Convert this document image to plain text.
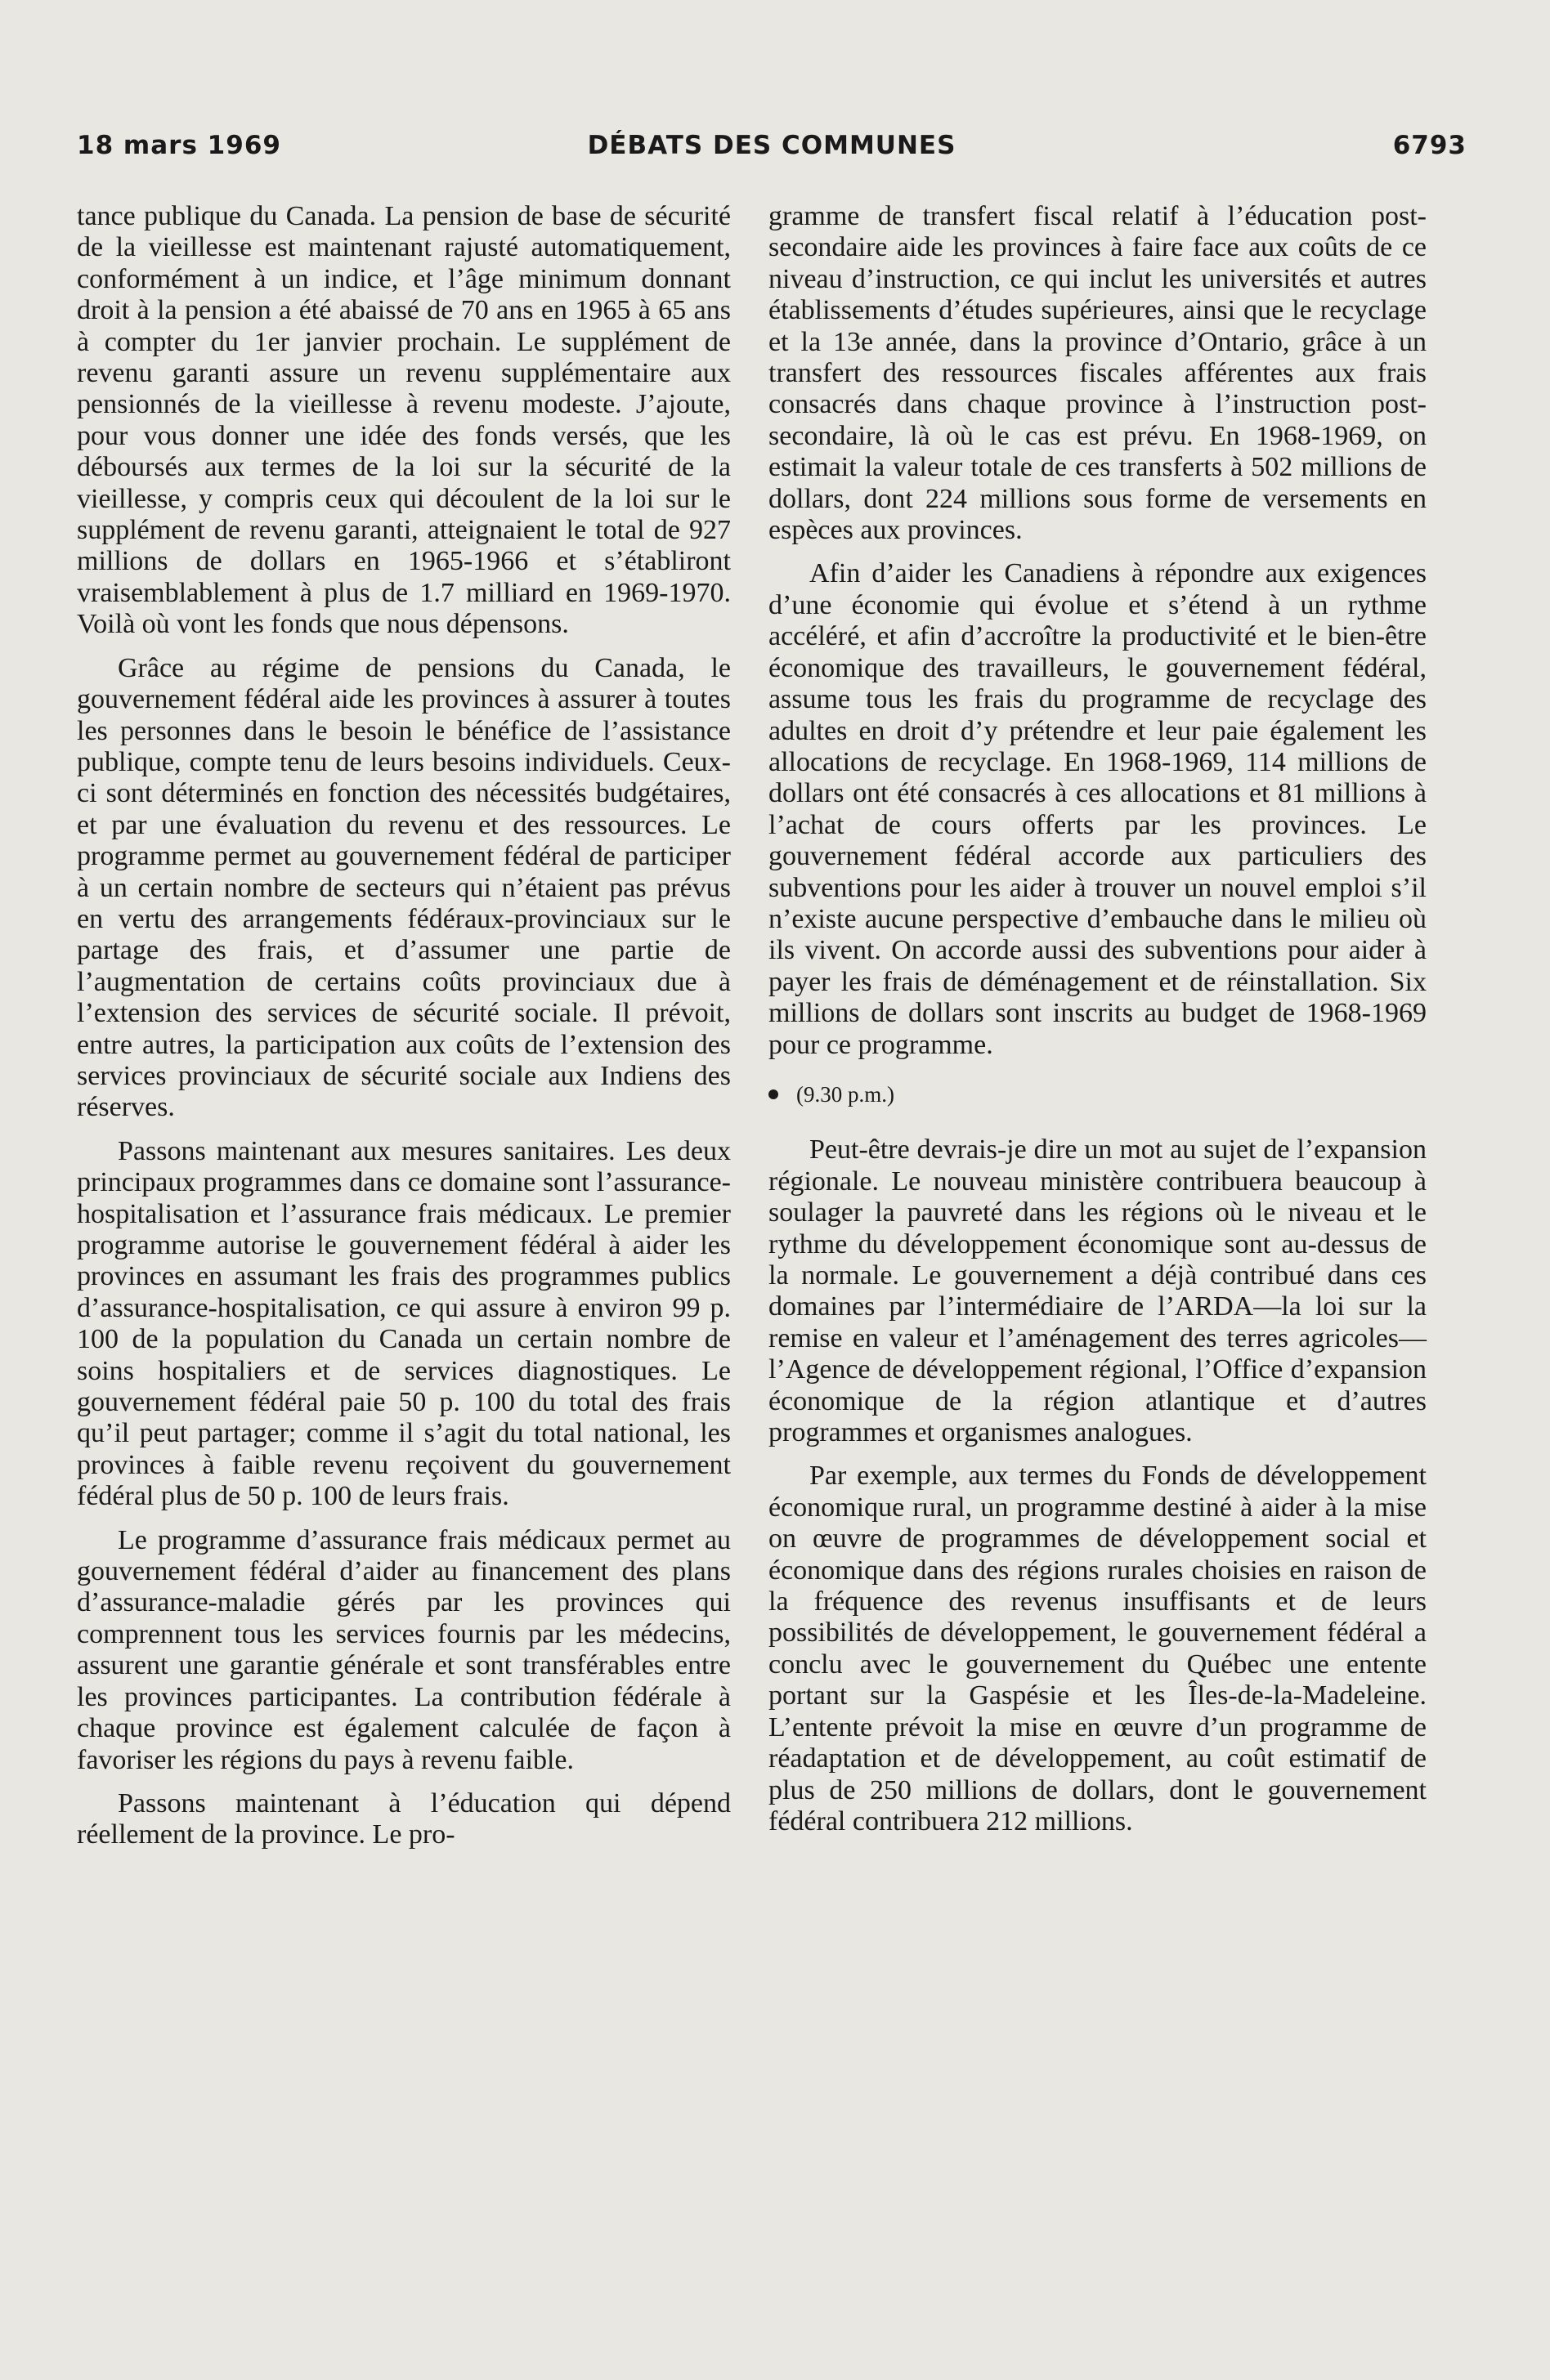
18 mars 1969	DÉBATS DES COMMUNES	6793

tance publique du Canada. La pension de base de sécurité de la vieillesse est maintenant rajusté automatiquement, conformément à un indice, et l’âge minimum donnant droit à la pension a été abaissé de 70 ans en 1965 à 65 ans à compter du 1er janvier prochain. Le supplément de revenu garanti assure un revenu supplémentaire aux pensionnés de la vieillesse à revenu modeste. J’ajoute, pour vous donner une idée des fonds versés, que les déboursés aux termes de la loi sur la sécurité de la vieillesse, y compris ceux qui découlent de la loi sur le supplément de revenu garanti, atteignaient le total de 927 millions de dollars en 1965-1966 et s’établiront vraisemblablement à plus de 1.7 milliard en 1969-1970. Voilà où vont les fonds que nous dépensons.

Grâce au régime de pensions du Canada, le gouvernement fédéral aide les provinces à assurer à toutes les personnes dans le besoin le bénéfice de l’assistance publique, compte tenu de leurs besoins individuels. Ceux-ci sont déterminés en fonction des nécessités budgétaires, et par une évaluation du revenu et des ressources. Le programme permet au gouvernement fédéral de participer à un certain nombre de secteurs qui n’étaient pas prévus en vertu des arrangements fédéraux-provinciaux sur le partage des frais, et d’assumer une partie de l’augmentation de certains coûts provinciaux due à l’extension des services de sécurité sociale. Il prévoit, entre autres, la participation aux coûts de l’extension des services provinciaux de sécurité sociale aux Indiens des réserves.

Passons maintenant aux mesures sanitaires. Les deux principaux programmes dans ce domaine sont l’assurance-hospitalisation et l’assurance frais médicaux. Le premier programme autorise le gouvernement fédéral à aider les provinces en assumant les frais des programmes publics d’assurance-hospitalisation, ce qui assure à environ 99 p. 100 de la population du Canada un certain nombre de soins hospitaliers et de services diagnostiques. Le gouvernement fédéral paie 50 p. 100 du total des frais qu’il peut partager; comme il s’agit du total national, les provinces à faible revenu reçoivent du gouvernement fédéral plus de 50 p. 100 de leurs frais.

Le programme d’assurance frais médicaux permet au gouvernement fédéral d’aider au financement des plans d’assurance-maladie gérés par les provinces qui comprennent tous les services fournis par les médecins, assurent une garantie générale et sont transférables entre les provinces participantes. La contribution fédérale à chaque province est également calculée de façon à favoriser les régions du pays à revenu faible.

Passons maintenant à l’éducation qui dépend réellement de la province. Le pro-

gramme de transfert fiscal relatif à l’éducation post-secondaire aide les provinces à faire face aux coûts de ce niveau d’instruction, ce qui inclut les universités et autres établissements d’études supérieures, ainsi que le recyclage et la 13e année, dans la province d’Ontario, grâce à un transfert des ressources fiscales afférentes aux frais consacrés dans chaque province à l’instruction post-secondaire, là où le cas est prévu. En 1968-1969, on estimait la valeur totale de ces transferts à 502 millions de dollars, dont 224 millions sous forme de versements en espèces aux provinces.

Afin d’aider les Canadiens à répondre aux exigences d’une économie qui évolue et s’étend à un rythme accéléré, et afin d’accroître la productivité et le bien-être économique des travailleurs, le gouvernement fédéral, assume tous les frais du programme de recyclage des adultes en droit d’y prétendre et leur paie également les allocations de recyclage. En 1968-1969, 114 millions de dollars ont été consacrés à ces allocations et 81 millions à l’achat de cours offerts par les provinces. Le gouvernement fédéral accorde aux particuliers des subventions pour les aider à trouver un nouvel emploi s’il n’existe aucune perspective d’embauche dans le milieu où ils vivent. On accorde aussi des subventions pour aider à payer les frais de déménagement et de réinstallation. Six millions de dollars sont inscrits au budget de 1968-1969 pour ce programme.

(9.30 p.m.)

Peut-être devrais-je dire un mot au sujet de l’expansion régionale. Le nouveau ministère contribuera beaucoup à soulager la pauvreté dans les régions où le niveau et le rythme du développement économique sont au-dessus de la normale. Le gouvernement a déjà contribué dans ces domaines par l’intermédiaire de l’ARDA—la loi sur la remise en valeur et l’aménagement des terres agricoles—l’Agence de développement régional, l’Office d’expansion économique de la région atlantique et d’autres programmes et organismes analogues.

Par exemple, aux termes du Fonds de développement économique rural, un programme destiné à aider à la mise on œuvre de programmes de développement social et économique dans des régions rurales choisies en raison de la fréquence des revenus insuffisants et de leurs possibilités de développement, le gouvernement fédéral a conclu avec le gouvernement du Québec une entente portant sur la Gaspésie et les Îles-de-la-Madeleine. L’entente prévoit la mise en œuvre d’un programme de réadaptation et de développement, au coût estimatif de plus de 250 millions de dollars, dont le gouvernement fédéral contribuera 212 millions.
